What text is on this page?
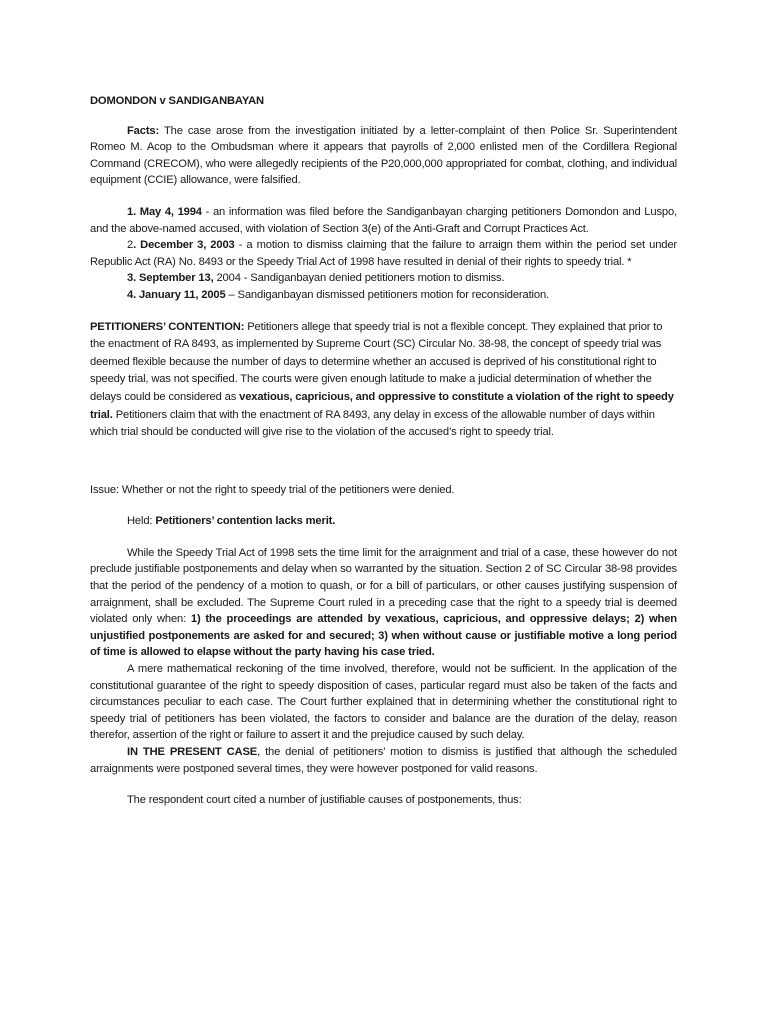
DOMONDON v SANDIGANBAYAN

Facts: The case arose from the investigation initiated by a letter-complaint of then Police Sr. Superintendent Romeo M. Acop to the Ombudsman where it appears that payrolls of 2,000 enlisted men of the Cordillera Regional Command (CRECOM), who were allegedly recipients of the P20,000,000 appropriated for combat, clothing, and individual equipment (CCIE) allowance, were falsified.

1. May 4, 1994 - an information was filed before the Sandiganbayan charging petitioners Domondon and Luspo, and the above-named accused, with violation of Section 3(e) of the Anti-Graft and Corrupt Practices Act.

2. December 3, 2003 - a motion to dismiss claiming that the failure to arraign them within the period set under Republic Act (RA) No. 8493 or the Speedy Trial Act of 1998 have resulted in denial of their rights to speedy trial. *

3. September 13, 2004 - Sandiganbayan denied petitioners motion to dismiss.

4. January 11, 2005 – Sandiganbayan dismissed petitioners motion for reconsideration.

PETITIONERS’ CONTENTION: Petitioners allege that speedy trial is not a flexible concept. They explained that prior to the enactment of RA 8493, as implemented by Supreme Court (SC) Circular No. 38-98, the concept of speedy trial was deemed flexible because the number of days to determine whether an accused is deprived of his constitutional right to speedy trial, was not specified. The courts were given enough latitude to make a judicial determination of whether the delays could be considered as vexatious, capricious, and oppressive to constitute a violation of the right to speedy trial. Petitioners claim that with the enactment of RA 8493, any delay in excess of the allowable number of days within which trial should be conducted will give rise to the violation of the accused’s right to speedy trial.

Issue: Whether or not the right to speedy trial of the petitioners were denied.

Held: Petitioners’ contention lacks merit.

While the Speedy Trial Act of 1998 sets the time limit for the arraignment and trial of a case, these however do not preclude justifiable postponements and delay when so warranted by the situation. Section 2 of SC Circular 38-98 provides that the period of the pendency of a motion to quash, or for a bill of particulars, or other causes justifying suspension of arraignment, shall be excluded. The Supreme Court ruled in a preceding case that the right to a speedy trial is deemed violated only when: 1) the proceedings are attended by vexatious, capricious, and oppressive delays; 2) when unjustified postponements are asked for and secured; 3) when without cause or justifiable motive a long period of time is allowed to elapse without the party having his case tried.

A mere mathematical reckoning of the time involved, therefore, would not be sufficient. In the application of the constitutional guarantee of the right to speedy disposition of cases, particular regard must also be taken of the facts and circumstances peculiar to each case. The Court further explained that in determining whether the constitutional right to speedy trial of petitioners has been violated, the factors to consider and balance are the duration of the delay, reason therefor, assertion of the right or failure to assert it and the prejudice caused by such delay.

IN THE PRESENT CASE, the denial of petitioners’ motion to dismiss is justified that although the scheduled arraignments were postponed several times, they were however postponed for valid reasons.

The respondent court cited a number of justifiable causes of postponements, thus:
